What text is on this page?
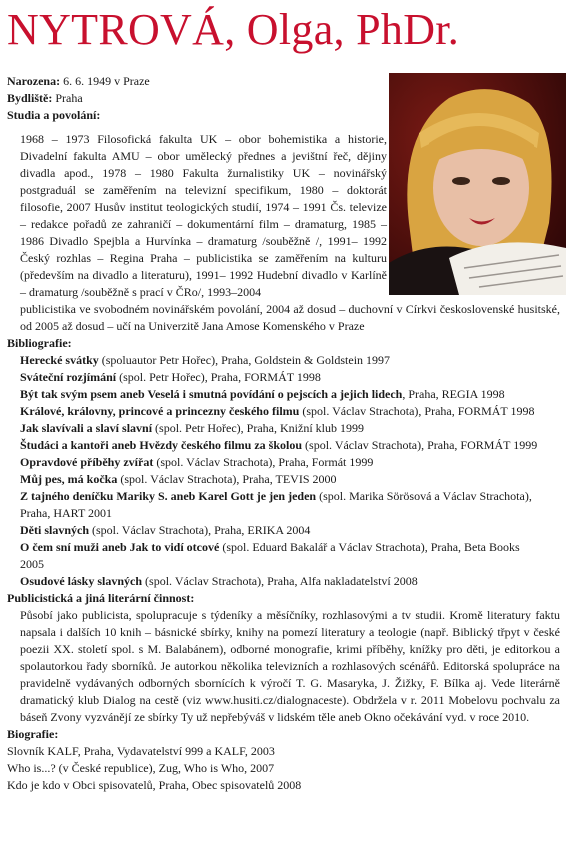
NYTROVÁ, Olga, PhDr.
Narozena: 6. 6. 1949 v Praze
Bydliště: Praha
Studia a povolání:
1968 – 1973 Filosofická fakulta UK – obor bohemistika a historie, Divadelní fakulta AMU – obor umělecký přednes a jevištní řeč, dějiny divadla apod., 1978 – 1980 Fakulta žurnalistiky UK – novinářský postgraduál se zaměřením na televizní specifikum, 1980 – doktorát filosofie, 2007 Husův institut teologických studií, 1974 – 1991 Čs. televize – redakce pořadů ze zahraničí – dokumentární film – dramaturg, 1985 – 1986 Divadlo Spejbla a Hurvínka – dramaturg /souběžně /, 1991– 1992 Český rozhlas – Regina Praha – publicistika se zaměřením na kulturu (především na divadlo a literaturu), 1991– 1992 Hudební divadlo v Karlíně – dramaturg /souběžně s prací v ČRo/, 1993–2004
publicistika ve svobodném novinářském povolání, 2004 až dosud – duchovní v Církvi československé husitské, od 2005 až dosud – učí na Univerzitě Jana Amose Komenského v Praze
Bibliografie:
Herecké svátky (spoluautor Petr Hořec), Praha, Goldstein & Goldstein 1997
Sváteční rozjímání (spol. Petr Hořec), Praha, FORMÁT 1998
Být tak svým psem aneb Veselá i smutná povídání o pejscích a jejich lidech, Praha, REGIA 1998
Králové, královny, princové a princezny českého filmu (spol. Václav Strachota), Praha, FORMÁT 1998
Jak slavívali a slaví slavní (spol. Petr Hořec), Praha, Knižní klub 1999
Študáci a kantoři aneb Hvězdy českého filmu za školou (spol. Václav Strachota), Praha, FORMÁT 1999
Opravdové příběhy zvířat (spol. Václav Strachota), Praha, Formát 1999
Můj pes, má kočka (spol. Václav Strachota), Praha, TEVIS 2000
Z tajného deníčku Mariky S. aneb Karel Gott je jen jeden (spol. Marika Sörösová a Václav Strachota),
Praha, HART 2001
Děti slavných (spol. Václav Strachota), Praha, ERIKA 2004
O čem sní muži aneb Jak to vidí otcové (spol. Eduard Bakalář a Václav Strachota), Praha, Beta Books
2005
Osudové lásky slavných (spol. Václav Strachota), Praha, Alfa nakladatelství 2008
Publicistická a jiná literární činnost:
Působí jako publicista, spolupracuje s týdeníky a měsíčníky, rozhlasovými a tv studii. Kromě literatury faktu napsala i dalších 10 knih – básnické sbírky, knihy na pomezí literatury a teologie (např. Biblický třpyt v české poezii XX. století spol. s M. Balabánem), odborné monografie, krimi příběhy, knížky pro děti, je editorkou a spolautorkou řady sborníků. Je autorkou několika televizních a rozhlasových scénářů. Editorská spolupráce na pravidelně vydávaných odborných sbornících k výročí T. G. Masaryka, J. Žižky, F. Bílka aj. Vede literárně dramatický klub Dialog na cestě (viz www.husiti.cz/dialognaceste). Obdržela v r. 2011 Mobelovu pochvalu za báseň Zvony vyzvánějí ze sbírky Ty už nepřebýváš v lidském těle aneb Okno očekávání vyd. v roce 2010.
Biografie:
Slovník KALF, Praha, Vydavatelství 999 a KALF, 2003
Who is...? (v České republice), Zug, Who is Who, 2007
Kdo je kdo v Obci spisovatelů, Praha, Obec spisovatelů 2008
